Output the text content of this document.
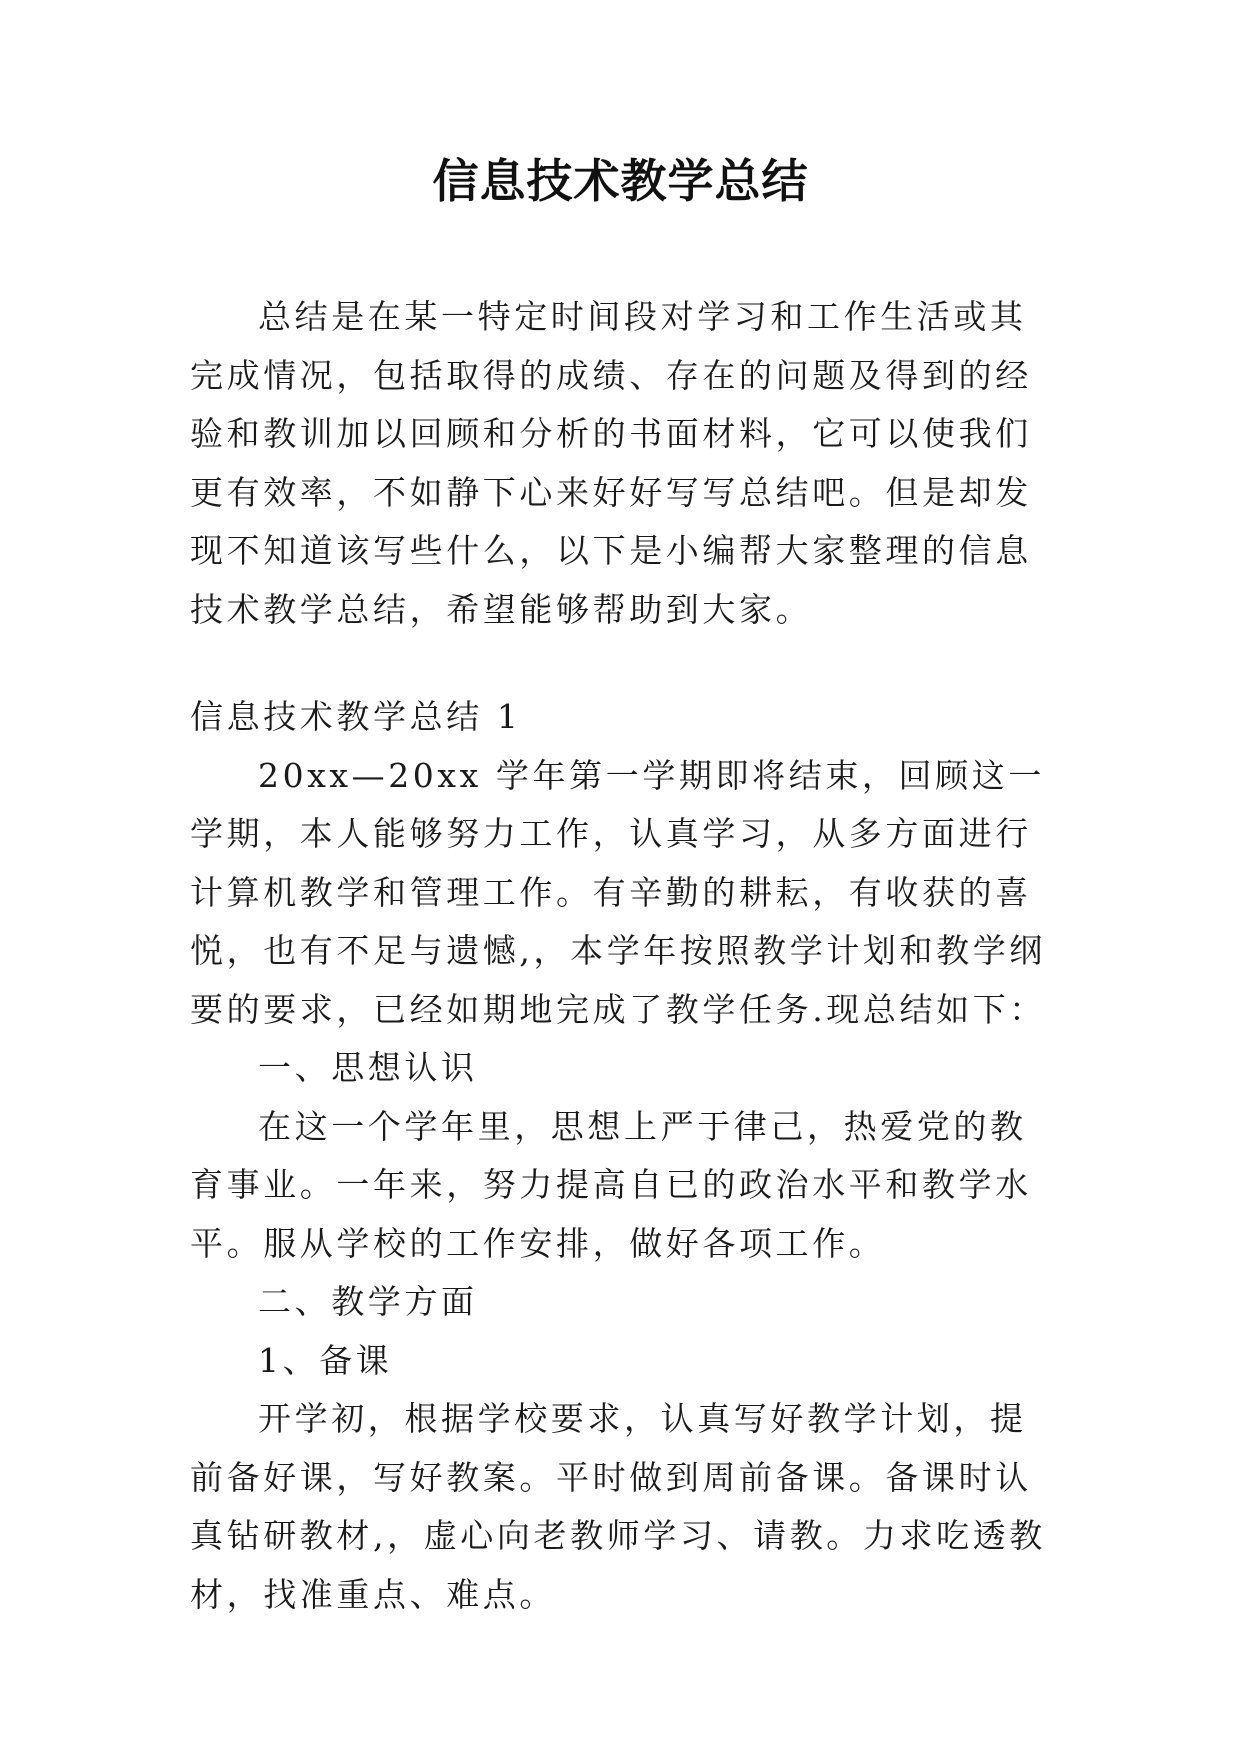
信息技术教学总结

总结是在某一特定时间段对学习和工作生活或其完成情况，包括取得的成绩、存在的问题及得到的经验和教训加以回顾和分析的书面材料，它可以使我们更有效率，不如静下心来好好写写总结吧。但是却发现不知道该写些什么，以下是小编帮大家整理的信息技术教学总结，希望能够帮助到大家。

信息技术教学总结 1

20xx—20xx 学年第一学期即将结束，回顾这一学期，本人能够努力工作，认真学习，从多方面进行计算机教学和管理工作。有辛勤的耕耘，有收获的喜悦，也有不足与遗憾,，本学年按照教学计划和教学纲要的要求，已经如期地完成了教学任务.现总结如下：

一、思想认识

在这一个学年里，思想上严于律己，热爱党的教育事业。一年来，努力提高自已的政治水平和教学水平。服从学校的工作安排，做好各项工作。

二、教学方面

1、备课

开学初，根据学校要求，认真写好教学计划，提前备好课，写好教案。平时做到周前备课。备课时认真钻研教材,，虚心向老教师学习、请教。力求吃透教材，找准重点、难点。
